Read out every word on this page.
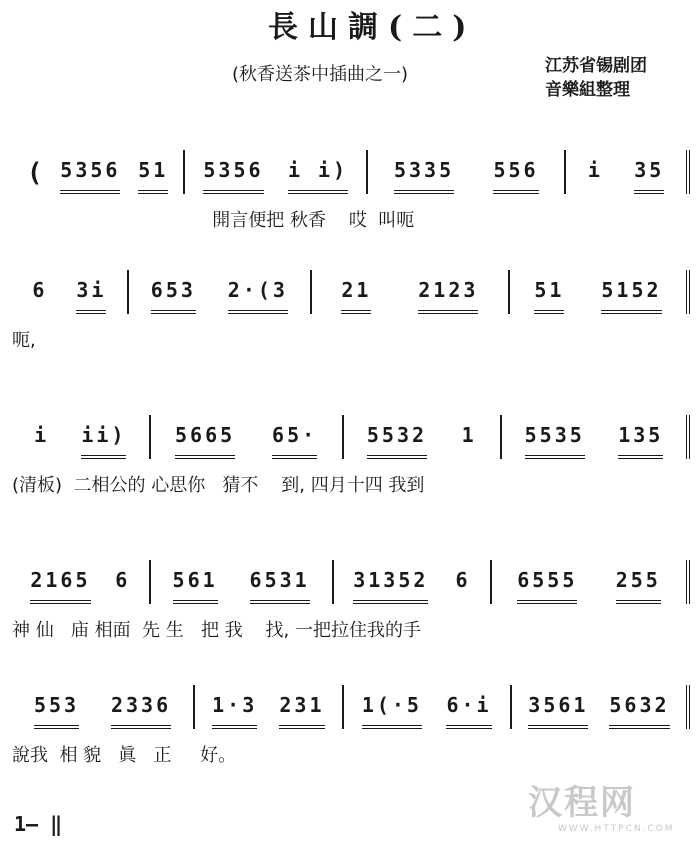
長山調(二)
(秋香送茶中插曲之一)	江苏省锡剧团
音樂組整理
( 5356 51 5356 i i) 5335 556 i 35
開言便把 秋香    哎  叫呃
6 3i 653 2·(3	21 2123	51 5152
呃,
i ii) 5665 65· 5532 1 5535 135
(清板)  二相公的 心思你   猜不    到, 四月十四 我到
2165 6 561 6531 31352 6 6555 255
神 仙   庙 相面  先 生   把 我    找, 一把拉住我的手
553 2336 1·3 231 1(·5 6·i 3561 5632
說我  相 貌   眞   正     好。
1— ‖
汉程网
WWW.HTTPCN.COM
